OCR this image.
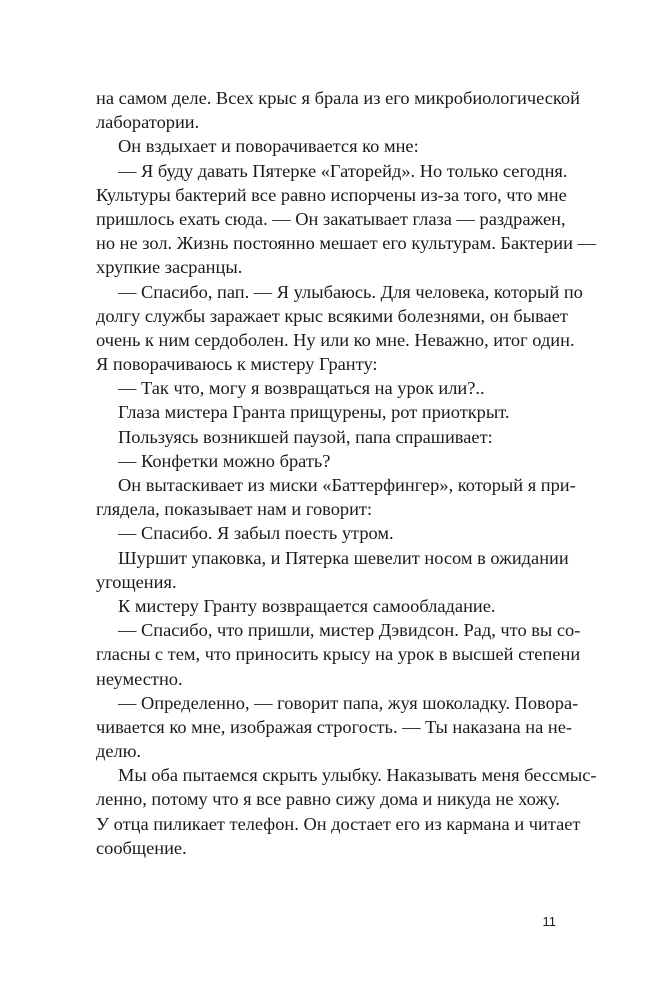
на самом деле. Всех крыс я брала из его микробиологической
лаборатории.
Он вздыхает и поворачивается ко мне:
— Я буду давать Пятерке «Гаторейд». Но только сегодня.
Культуры бактерий все равно испорчены из-за того, что мне
пришлось ехать сюда. — Он закатывает глаза — раздражен,
но не зол. Жизнь постоянно мешает его культурам. Бактерии —
хрупкие засранцы.
— Спасибо, пап. — Я улыбаюсь. Для человека, который по
долгу службы заражает крыс всякими болезнями, он бывает
очень к ним сердоболен. Ну или ко мне. Неважно, итог один.
Я поворачиваюсь к мистеру Гранту:
— Так что, могу я возвращаться на урок или?..
Глаза мистера Гранта прищурены, рот приоткрыт.
Пользуясь возникшей паузой, папа спрашивает:
— Конфетки можно брать?
Он вытаскивает из миски «Баттерфингер», который я при-
глядела, показывает нам и говорит:
— Спасибо. Я забыл поесть утром.
Шуршит упаковка, и Пятерка шевелит носом в ожидании
угощения.
К мистеру Гранту возвращается самообладание.
— Спасибо, что пришли, мистер Дэвидсон. Рад, что вы со-
гласны с тем, что приносить крысу на урок в высшей степени
неуместно.
— Определенно, — говорит папа, жуя шоколадку. Повора-
чивается ко мне, изображая строгость. — Ты наказана на не-
делю.
Мы оба пытаемся скрыть улыбку. Наказывать меня бессмыс-
ленно, потому что я все равно сижу дома и никуда не хожу.
У отца пиликает телефон. Он достает его из кармана и читает
сообщение.
11
